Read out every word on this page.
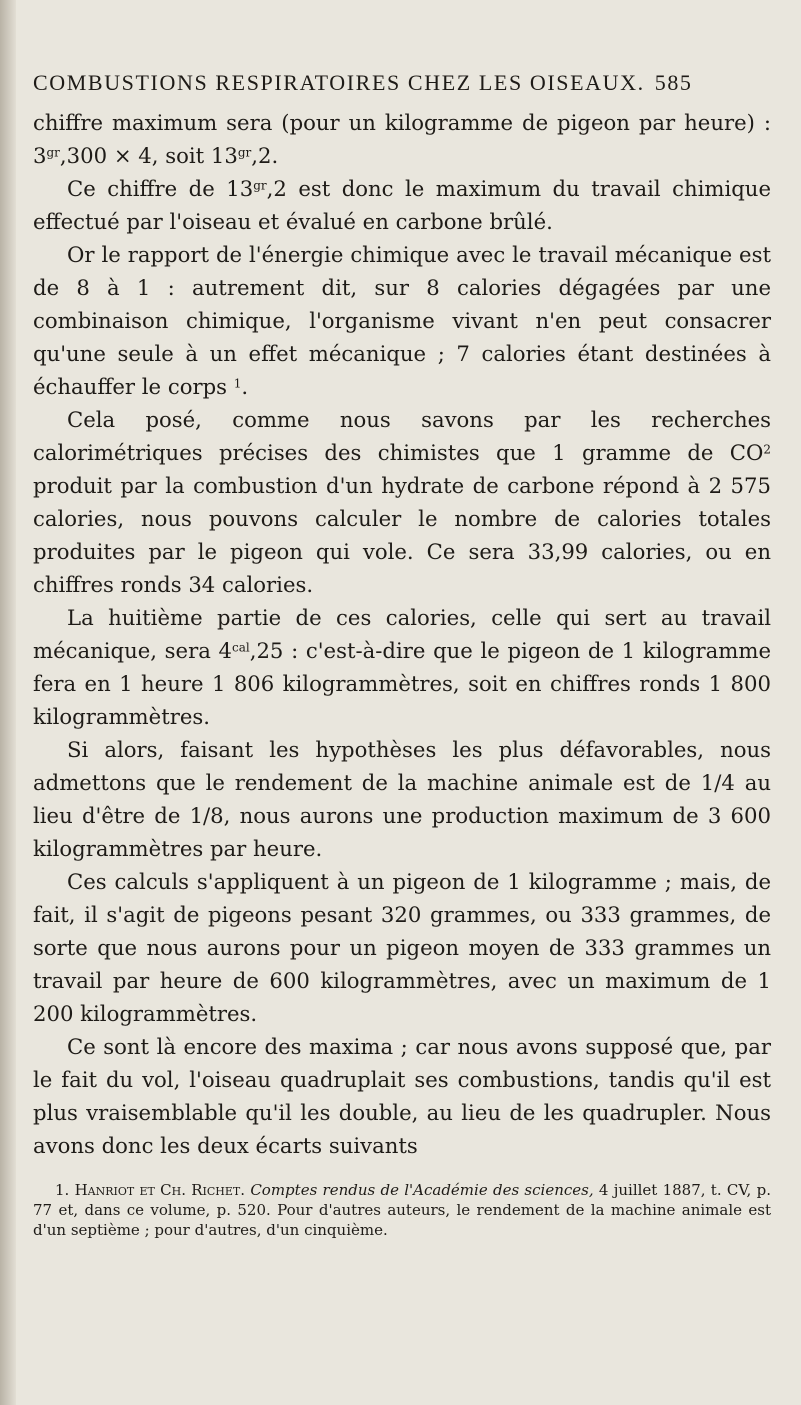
COMBUSTIONS RESPIRATOIRES CHEZ LES OISEAUX. 585

chiffre maximum sera (pour un kilogramme de pigeon par heure) : $3^{gr},300 \times 4$, soit $13^{gr},2$.

Ce chiffre de $13^{gr},2$ est donc le maximum du travail chimique effectué par l'oiseau et évalué en carbone brûlé.

Or le rapport de l'énergie chimique avec le travail mécanique est de 8 à 1 : autrement dit, sur 8 calories dégagées par une combinaison chimique, l'organisme vivant n'en peut consacrer qu'une seule à un effet mécanique ; 7 calories étant destinées à échauffer le corps $^1$.

Cela posé, comme nous savons par les recherches calorimétriques précises des chimistes que 1 gramme de $CO^2$ produit par la combustion d'un hydrate de carbone répond à 2 575 calories, nous pouvons calculer le nombre de calories totales produites par le pigeon qui vole. Ce sera 33,99 calories, ou en chiffres ronds 34 calories.

La huitième partie de ces calories, celle qui sert au travail mécanique, sera $4^{cal},25$ : c'est-à-dire que le pigeon de 1 kilogramme fera en 1 heure 1 806 kilogrammètres, soit en chiffres ronds 1 800 kilogrammètres.

Si alors, faisant les hypothèses les plus défavorables, nous admettons que le rendement de la machine animale est de 1/4 au lieu d'être de 1/8, nous aurons une production maximum de 3 600 kilogrammètres par heure.

Ces calculs s'appliquent à un pigeon de 1 kilogramme ; mais, de fait, il s'agit de pigeons pesant 320 grammes, ou 333 grammes, de sorte que nous aurons pour un pigeon moyen de 333 grammes un travail par heure de 600 kilogrammètres, avec un maximum de 1 200 kilogrammètres.

Ce sont là encore des maxima ; car nous avons supposé que, par le fait du vol, l'oiseau quadruplait ses combustions, tandis qu'il est plus vraisemblable qu'il les double, au lieu de les quadrupler. Nous avons donc les deux écarts suivants

1. Hanriot et Ch. Richet. Comptes rendus de l'Académie des sciences, 4 juillet 1887, t. CV, p. 77 et, dans ce volume, p. 520. Pour d'autres auteurs, le rendement de la machine animale est d'un septième ; pour d'autres, d'un cinquième.
